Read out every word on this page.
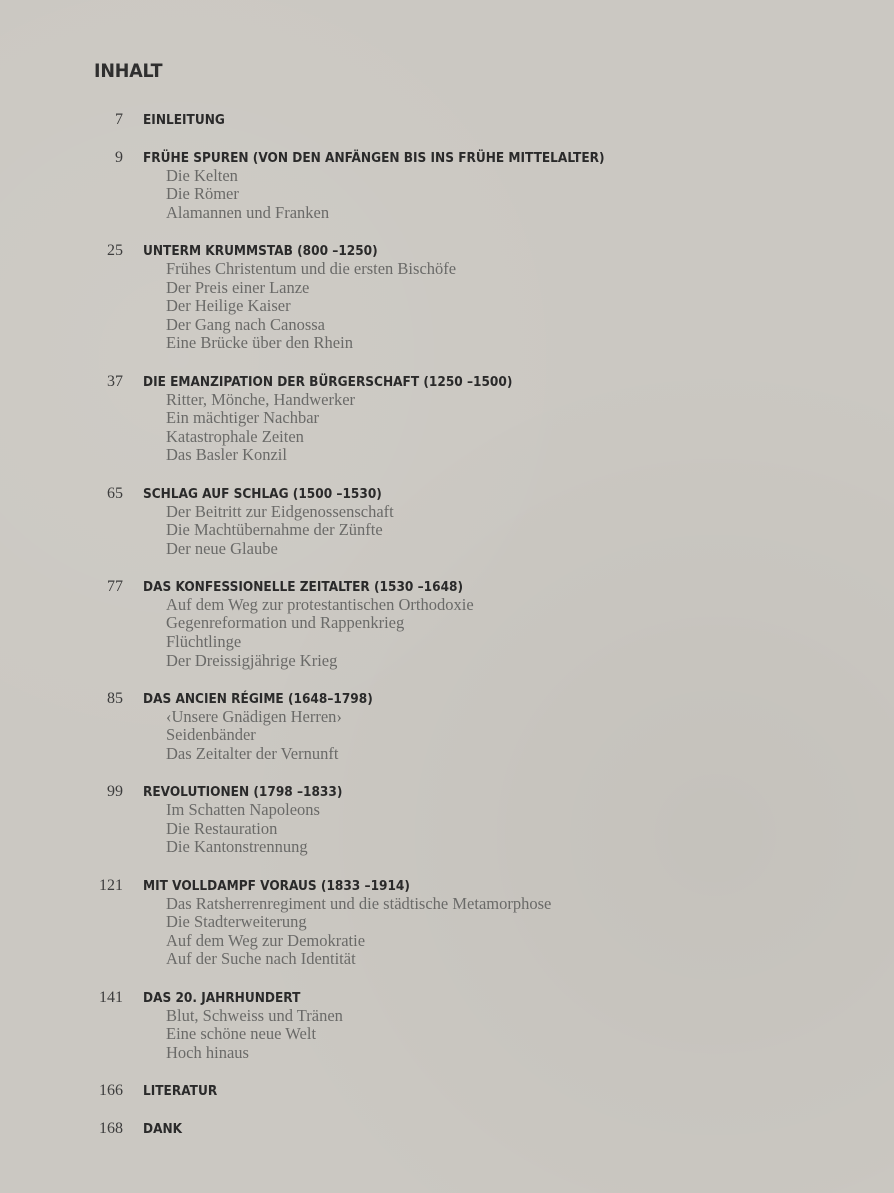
INHALT
7 EINLEITUNG
9 FRÜHE SPUREN (VON DEN ANFÄNGEN BIS INS FRÜHE MITTELALTER)
Die Kelten
Die Römer
Alamannen und Franken
25 UNTERM KRUMMSTAB (800 –1250)
Frühes Christentum und die ersten Bischöfe
Der Preis einer Lanze
Der Heilige Kaiser
Der Gang nach Canossa
Eine Brücke über den Rhein
37 DIE EMANZIPATION DER BÜRGERSCHAFT (1250 –1500)
Ritter, Mönche, Handwerker
Ein mächtiger Nachbar
Katastrophale Zeiten
Das Basler Konzil
65 SCHLAG AUF SCHLAG (1500 –1530)
Der Beitritt zur Eidgenossenschaft
Die Machtübernahme der Zünfte
Der neue Glaube
77 DAS KONFESSIONELLE ZEITALTER (1530 –1648)
Auf dem Weg zur protestantischen Orthodoxie
Gegenreformation und Rappenkrieg
Flüchtlinge
Der Dreissigjährige Krieg
85 DAS ANCIEN RÉGIME (1648–1798)
‹Unsere Gnädigen Herren›
Seidenbänder
Das Zeitalter der Vernunft
99 REVOLUTIONEN (1798 –1833)
Im Schatten Napoleons
Die Restauration
Die Kantonstrennung
121 MIT VOLLDAMPF VORAUS (1833 –1914)
Das Ratsherrenregiment und die städtische Metamorphose
Die Stadterweiterung
Auf dem Weg zur Demokratie
Auf der Suche nach Identität
141 DAS 20. JAHRHUNDERT
Blut, Schweiss und Tränen
Eine schöne neue Welt
Hoch hinaus
166 LITERATUR
168 DANK
